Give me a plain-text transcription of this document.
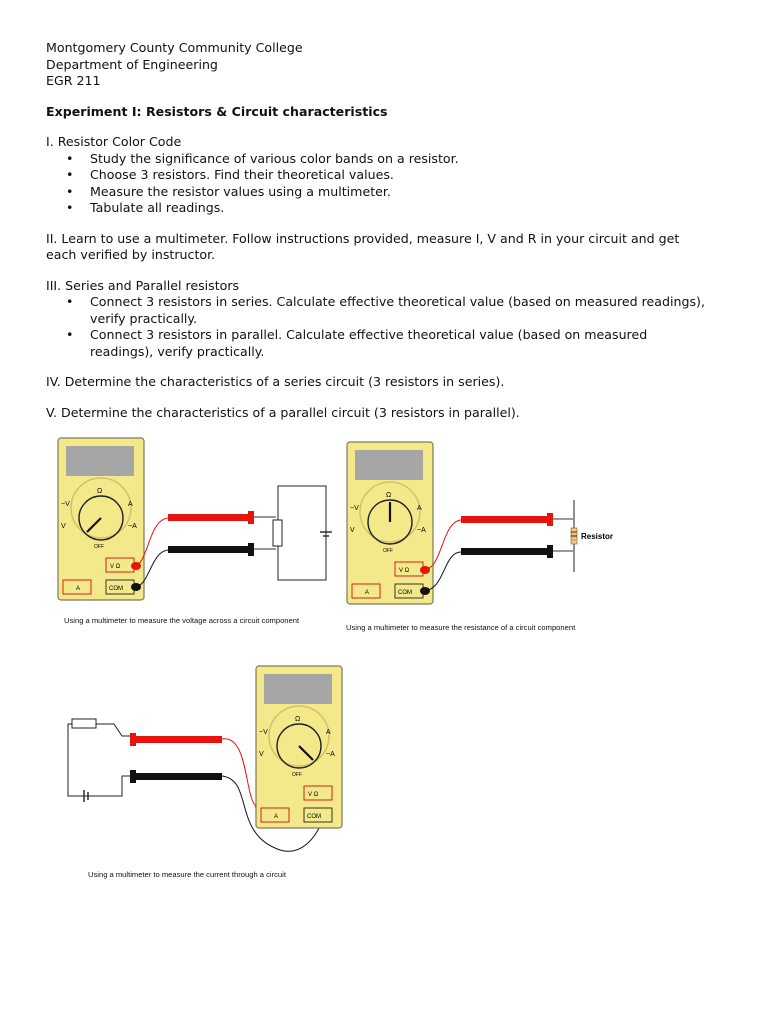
Montgomery County Community College

Department of Engineering

EGR 211

Experiment I: Resistors & Circuit characteristics

I. Resistor Color Code

• Study the significance of various color bands on a resistor.
• Choose 3 resistors. Find their theoretical values.
• Measure the resistor values using a multimeter.
• Tabulate all readings.

II. Learn to use a multimeter. Follow instructions provided, measure I, V and R in your circuit and get

each verified by instructor.

III. Series and Parallel resistors

• Connect 3 resistors in series. Calculate effective theoretical value (based on measured readings),
verify practically.
• Connect 3 resistors in parallel. Calculate effective theoretical value (based on measured
readings), verify practically.

IV. Determine the characteristics of a series circuit (3 resistors in series).

V. Determine the characteristics of a parallel circuit (3 resistors in parallel).

Ω
~V	A
V	~A
OFF
V Ω
COM
A
Using a multimeter to measure the voltage across a circuit component
Ω
~V	A
V	~A
OFF
V Ω
COM
A
Resistor
Using a multimeter to measure the resistance of a circuit component
Ω
~V	A
V	~A
OFF
V Ω
COM
A
Using a multimeter to measure the current through a circuit
